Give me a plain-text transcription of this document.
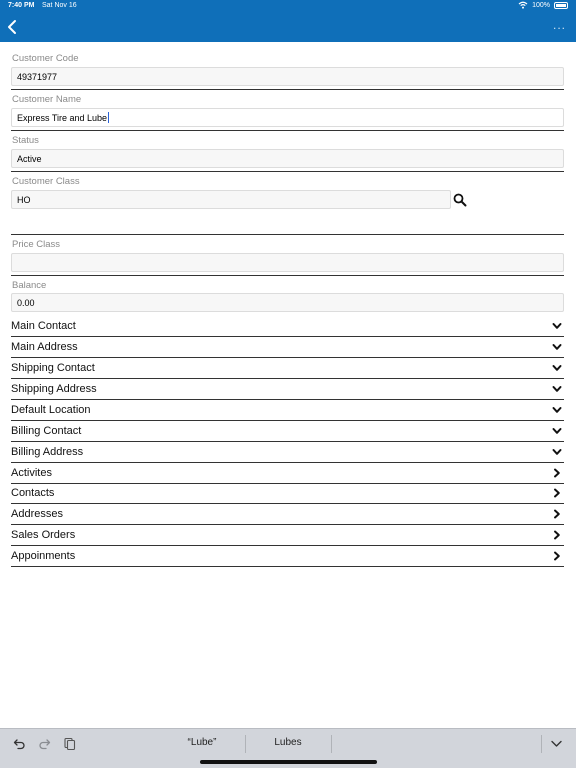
7:40 PM Sat Nov 16	100%
...
Customer Code
49371977
Customer Name
Express Tire and Lube
Status
Active
Customer Class
HO
Price Class
Balance
0.00
Main Contact
Main Address
Shipping Contact
Shipping Address
Default Location
Billing Contact
Billing Address
Activites
Contacts
Addresses
Sales Orders
Appoinments
“Lube”	Lubes
